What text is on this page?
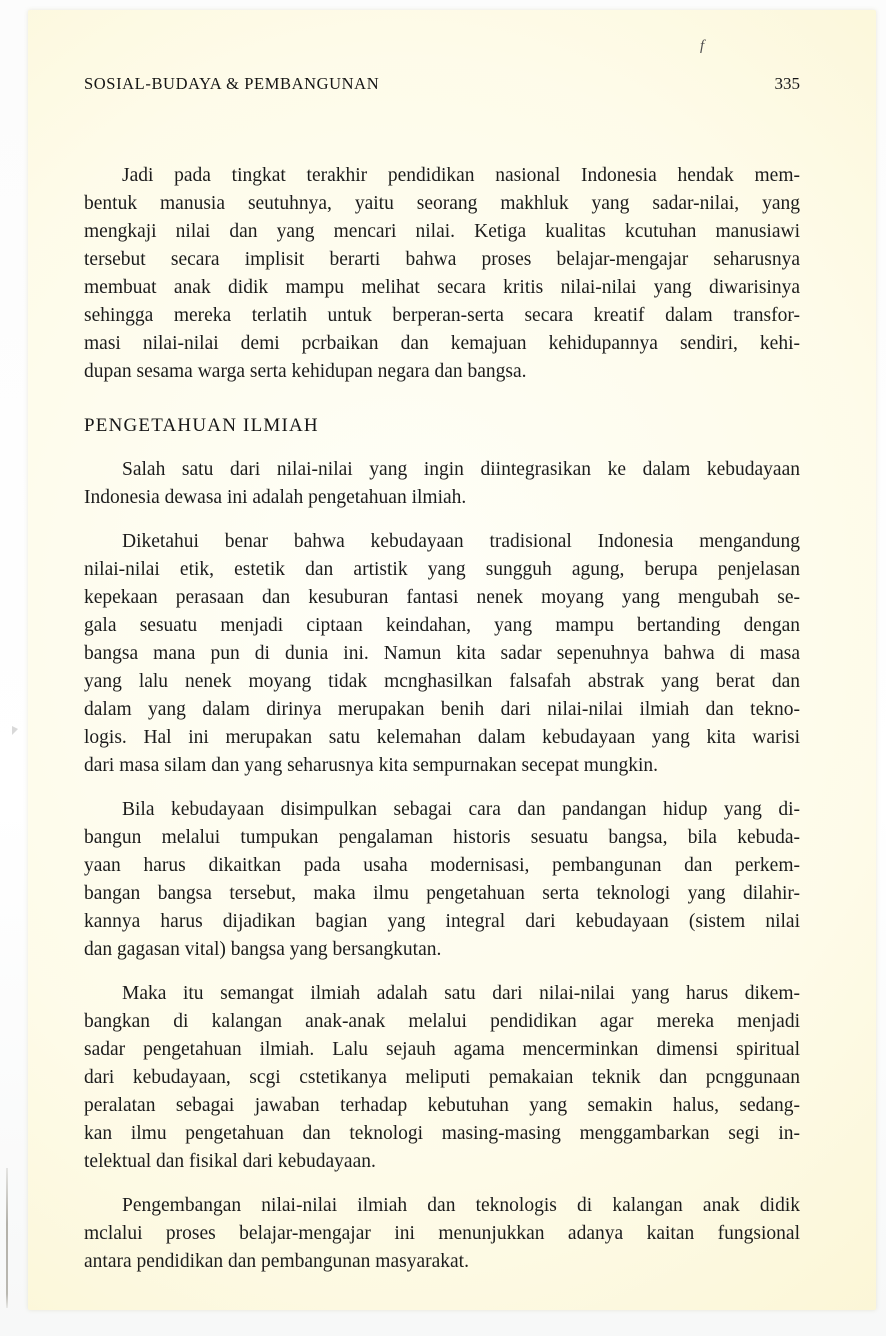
f
SOSIAL-BUDAYA & PEMBANGUNAN	335
Jadi pada tingkat terakhir pendidikan nasional Indonesia hendak mem-
bentuk manusia seutuhnya, yaitu seorang makhluk yang sadar-nilai, yang
mengkaji nilai dan yang mencari nilai. Ketiga kualitas kcutuhan manusiawi
tersebut secara implisit berarti bahwa proses belajar-mengajar seharusnya
membuat anak didik mampu melihat secara kritis nilai-nilai yang diwarisinya
sehingga mereka terlatih untuk berperan-serta secara kreatif dalam transfor-
masi nilai-nilai demi pcrbaikan dan kemajuan kehidupannya sendiri, kehi-
dupan sesama warga serta kehidupan negara dan bangsa.
PENGETAHUAN ILMIAH
Salah satu dari nilai-nilai yang ingin diintegrasikan ke dalam kebudayaan
Indonesia dewasa ini adalah pengetahuan ilmiah.
Diketahui benar bahwa kebudayaan tradisional Indonesia mengandung
nilai-nilai etik, estetik dan artistik yang sungguh agung, berupa penjelasan
kepekaan perasaan dan kesuburan fantasi nenek moyang yang mengubah se-
gala sesuatu menjadi ciptaan keindahan, yang mampu bertanding dengan
bangsa mana pun di dunia ini. Namun kita sadar sepenuhnya bahwa di masa
yang lalu nenek moyang tidak mcnghasilkan falsafah abstrak yang berat dan
dalam yang dalam dirinya merupakan benih dari nilai-nilai ilmiah dan tekno-
logis. Hal ini merupakan satu kelemahan dalam kebudayaan yang kita warisi
dari masa silam dan yang seharusnya kita sempurnakan secepat mungkin.
Bila kebudayaan disimpulkan sebagai cara dan pandangan hidup yang di-
bangun melalui tumpukan pengalaman historis sesuatu bangsa, bila kebuda-
yaan harus dikaitkan pada usaha modernisasi, pembangunan dan perkem-
bangan bangsa tersebut, maka ilmu pengetahuan serta teknologi yang dilahir-
kannya harus dijadikan bagian yang integral dari kebudayaan (sistem nilai
dan gagasan vital) bangsa yang bersangkutan.
Maka itu semangat ilmiah adalah satu dari nilai-nilai yang harus dikem-
bangkan di kalangan anak-anak melalui pendidikan agar mereka menjadi
sadar pengetahuan ilmiah. Lalu sejauh agama mencerminkan dimensi spiritual
dari kebudayaan, scgi cstetikanya meliputi pemakaian teknik dan pcnggunaan
peralatan sebagai jawaban terhadap kebutuhan yang semakin halus, sedang-
kan ilmu pengetahuan dan teknologi masing-masing menggambarkan segi in-
telektual dan fisikal dari kebudayaan.
Pengembangan nilai-nilai ilmiah dan teknologis di kalangan anak didik
mclalui proses belajar-mengajar ini menunjukkan adanya kaitan fungsional
antara pendidikan dan pembangunan masyarakat.
